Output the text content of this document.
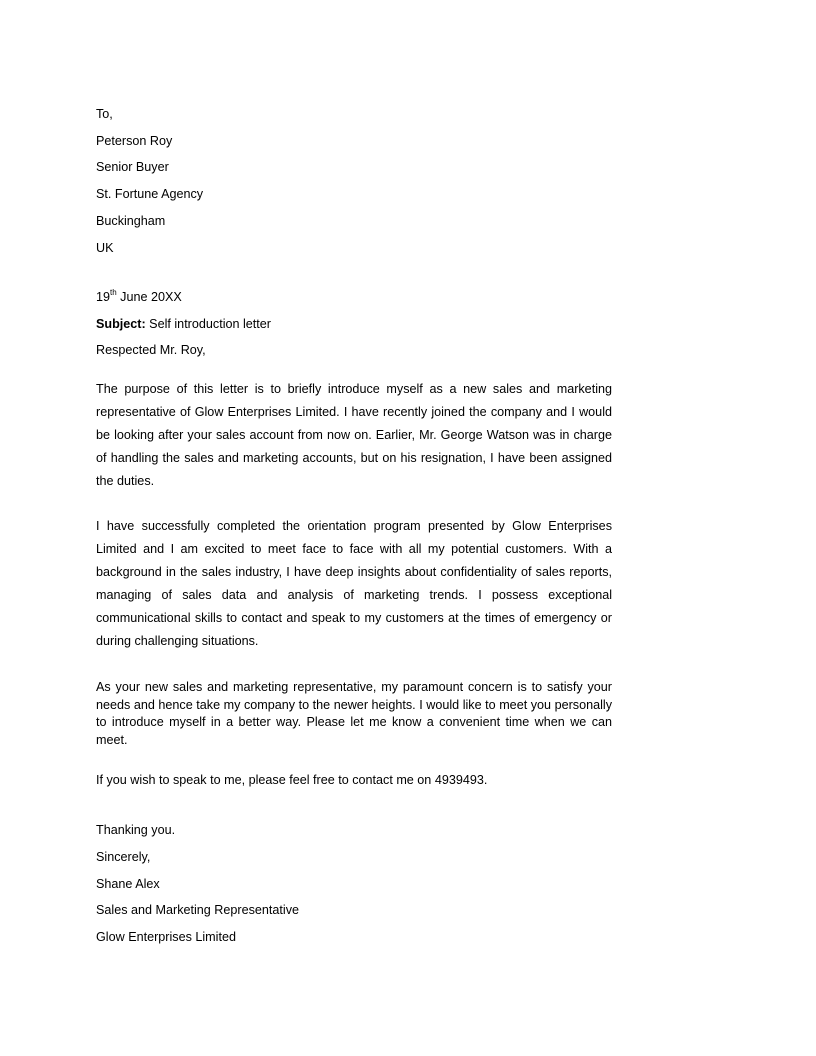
To,
Peterson Roy
Senior Buyer
St. Fortune Agency
Buckingham
UK
19th June 20XX
Subject: Self introduction letter
Respected Mr. Roy,
The purpose of this letter is to briefly introduce myself as a new sales and marketing representative of Glow Enterprises Limited. I have recently joined the company and I would be looking after your sales account from now on. Earlier, Mr. George Watson was in charge of handling the sales and marketing accounts, but on his resignation, I have been assigned the duties.
I have successfully completed the orientation program presented by Glow Enterprises Limited and I am excited to meet face to face with all my potential customers. With a background in the sales industry, I have deep insights about confidentiality of sales reports, managing of sales data and analysis of marketing trends. I possess exceptional communicational skills to contact and speak to my customers at the times of emergency or during challenging situations.
As your new sales and marketing representative, my paramount concern is to satisfy your needs and hence take my company to the newer heights. I would like to meet you personally to introduce myself in a better way. Please let me know a convenient time when we can meet.
If you wish to speak to me, please feel free to contact me on 4939493.
Thanking you.
Sincerely,
Shane Alex
Sales and Marketing Representative
Glow Enterprises Limited
